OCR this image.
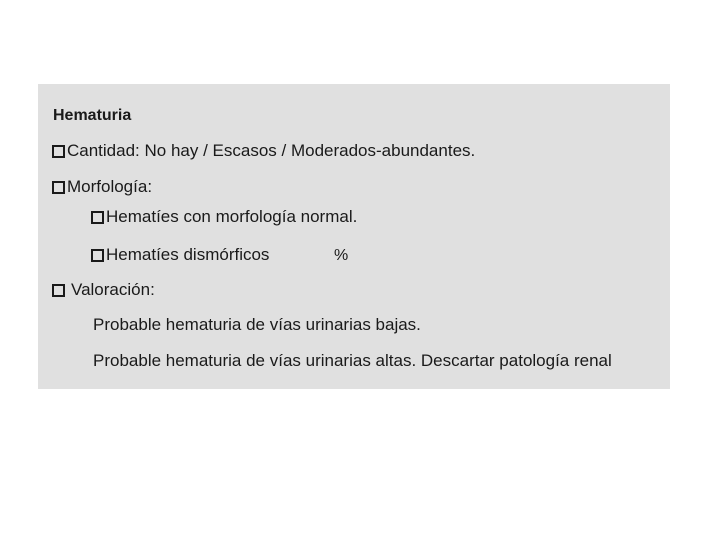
Hematuria
Cantidad: No hay / Escasos / Moderados-abundantes.
Morfología:
Hematíes con morfología normal.
Hematíes dismórficos	%
Valoración:
Probable hematuria de vías urinarias bajas.
Probable hematuria de vías urinarias altas. Descartar patología renal
